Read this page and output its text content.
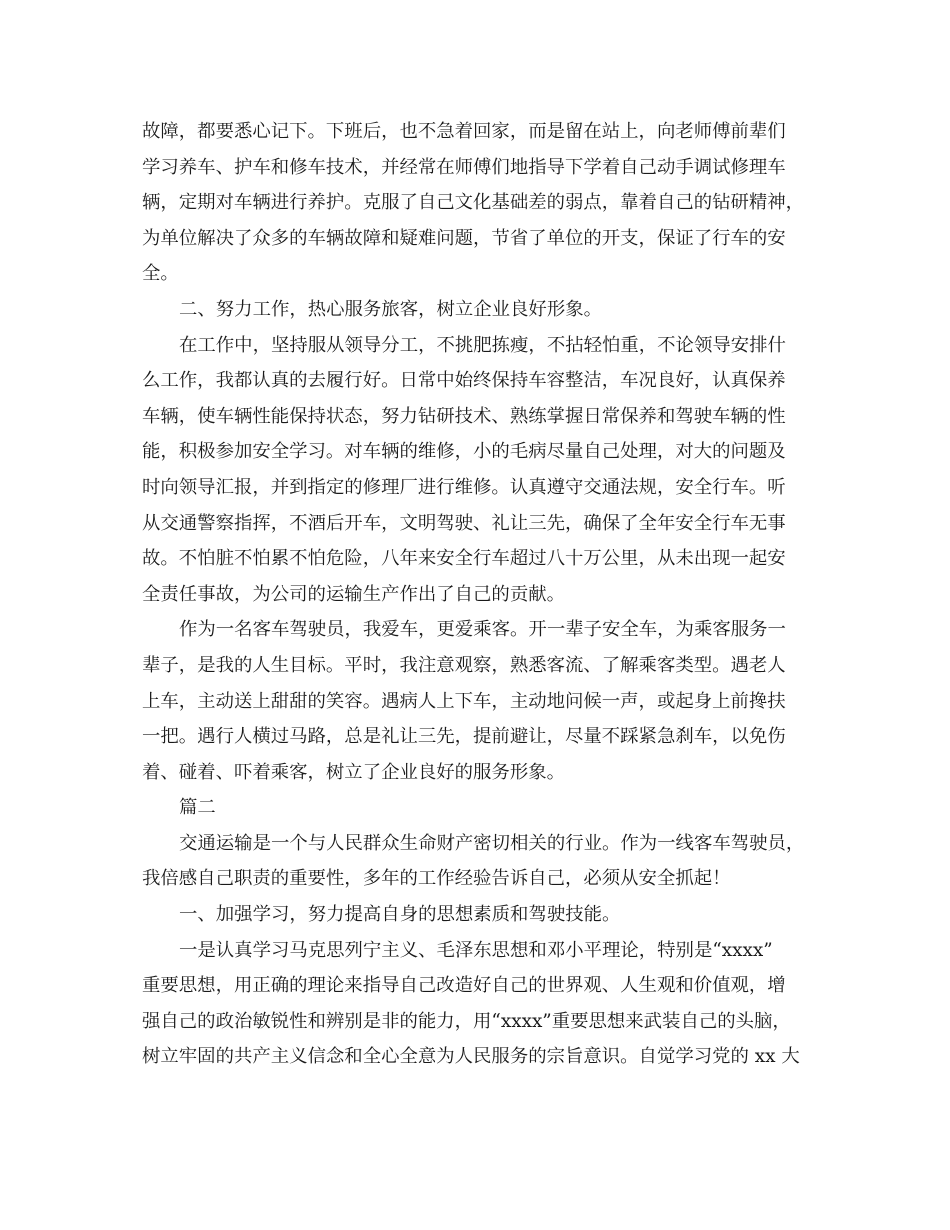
故障，都要悉心记下。下班后，也不急着回家，而是留在站上，向老师傅前辈们
学习养车、护车和修车技术，并经常在师傅们地指导下学着自己动手调试修理车
辆，定期对车辆进行养护。克服了自己文化基础差的弱点，靠着自己的钻研精神，
为单位解决了众多的车辆故障和疑难问题，节省了单位的开支，保证了行车的安
全。
二、努力工作，热心服务旅客，树立企业良好形象。
在工作中，坚持服从领导分工，不挑肥拣瘦，不拈轻怕重，不论领导安排什
么工作，我都认真的去履行好。日常中始终保持车容整洁，车况良好，认真保养
车辆，使车辆性能保持状态，努力钻研技术、熟练掌握日常保养和驾驶车辆的性
能，积极参加安全学习。对车辆的维修，小的毛病尽量自己处理，对大的问题及
时向领导汇报，并到指定的修理厂进行维修。认真遵守交通法规，安全行车。听
从交通警察指挥，不酒后开车，文明驾驶、礼让三先，确保了全年安全行车无事
故。不怕脏不怕累不怕危险，八年来安全行车超过八十万公里，从未出现一起安
全责任事故，为公司的运输生产作出了自己的贡献。
作为一名客车驾驶员，我爱车，更爱乘客。开一辈子安全车，为乘客服务一
辈子，是我的人生目标。平时，我注意观察，熟悉客流、了解乘客类型。遇老人
上车，主动送上甜甜的笑容。遇病人上下车，主动地问候一声，或起身上前搀扶
一把。遇行人横过马路，总是礼让三先，提前避让，尽量不踩紧急刹车，以免伤
着、碰着、吓着乘客，树立了企业良好的服务形象。
篇二
交通运输是一个与人民群众生命财产密切相关的行业。作为一线客车驾驶员，
我倍感自己职责的重要性，多年的工作经验告诉自己，必须从安全抓起！
一、加强学习，努力提高自身的思想素质和驾驶技能。
一是认真学习马克思列宁主义、毛泽东思想和邓小平理论，特别是“xxxx”
重要思想，用正确的理论来指导自己改造好自己的世界观、人生观和价值观，增
强自己的政治敏锐性和辨别是非的能力，用“xxxx”重要思想来武装自己的头脑，
树立牢固的共产主义信念和全心全意为人民服务的宗旨意识。自觉学习党的 xx 大
